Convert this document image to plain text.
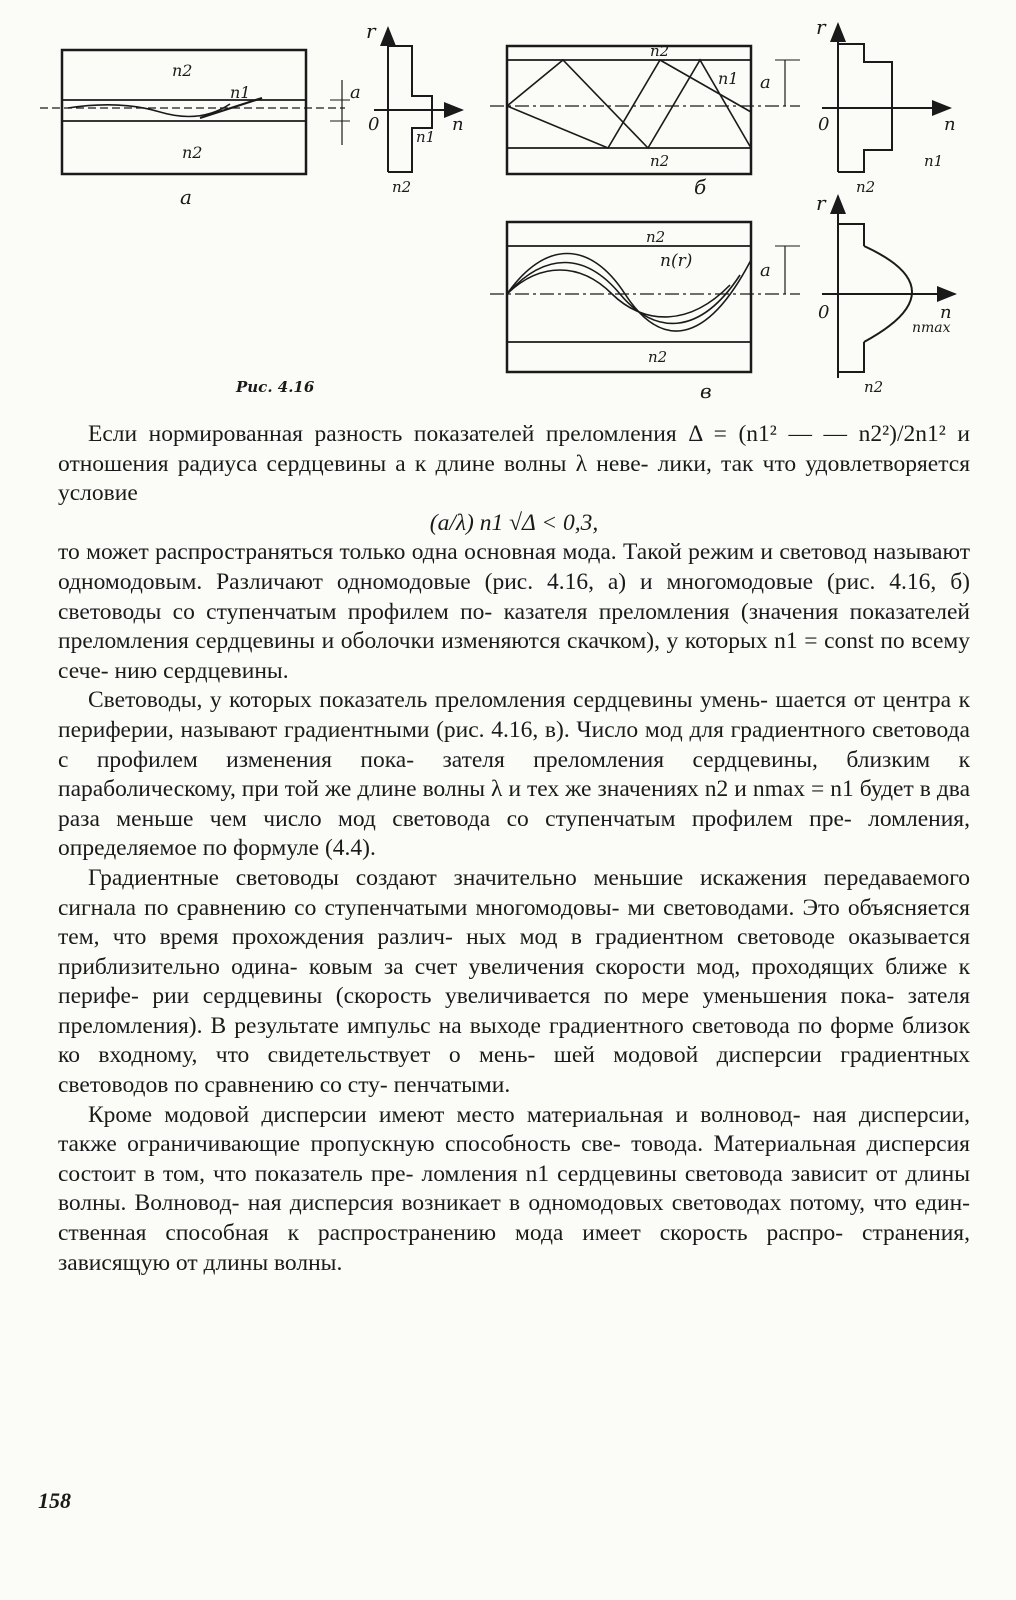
n2
n1
n2
a
а
r
0	n
n1
n2
n2
n1
n2
a
б
r
0	n
n1
n2
n2
n(r)
n2
a
в
r
0	n
nmax
n2
Рис. 4.16

Если нормированная разность показателей преломления Δ = (n1² — — n2²)/2n1² и отношения радиуса сердцевины a к длине волны λ неве- лики, так что удовлетворяется условие

(a/λ) n1 √Δ < 0,3,

то может распространяться только одна основная мода. Такой режим и световод называют одномодовым. Различают одномодовые (рис. 4.16, а) и многомодовые (рис. 4.16, б) световоды со ступенчатым профилем по- казателя преломления (значения показателей преломления сердцевины и оболочки изменяются скачком), у которых n1 = const по всему сече- нию сердцевины.

Световоды, у которых показатель преломления сердцевины умень- шается от центра к периферии, называют градиентными (рис. 4.16, в). Число мод для градиентного световода с профилем изменения пока- зателя преломления сердцевины, близким к параболическому, при той же длине волны λ и тех же значениях n2 и nmax = n1 будет в два раза меньше чем число мод световода со ступенчатым профилем пре- ломления, определяемое по формуле (4.4).

Градиентные световоды создают значительно меньшие искажения передаваемого сигнала по сравнению со ступенчатыми многомодовы- ми световодами. Это объясняется тем, что время прохождения различ- ных мод в градиентном световоде оказывается приблизительно одина- ковым за счет увеличения скорости мод, проходящих ближе к перифе- рии сердцевины (скорость увеличивается по мере уменьшения пока- зателя преломления). В результате импульс на выходе градиентного световода по форме близок ко входному, что свидетельствует о мень- шей модовой дисперсии градиентных световодов по сравнению со сту- пенчатыми.

Кроме модовой дисперсии имеют место материальная и волновод- ная дисперсии, также ограничивающие пропускную способность све- товода. Материальная дисперсия состоит в том, что показатель пре- ломления n1 сердцевины световода зависит от длины волны. Волновод- ная дисперсия возникает в одномодовых световодах потому, что един- ственная способная к распространению мода имеет скорость распро- странения, зависящую от длины волны.

158
